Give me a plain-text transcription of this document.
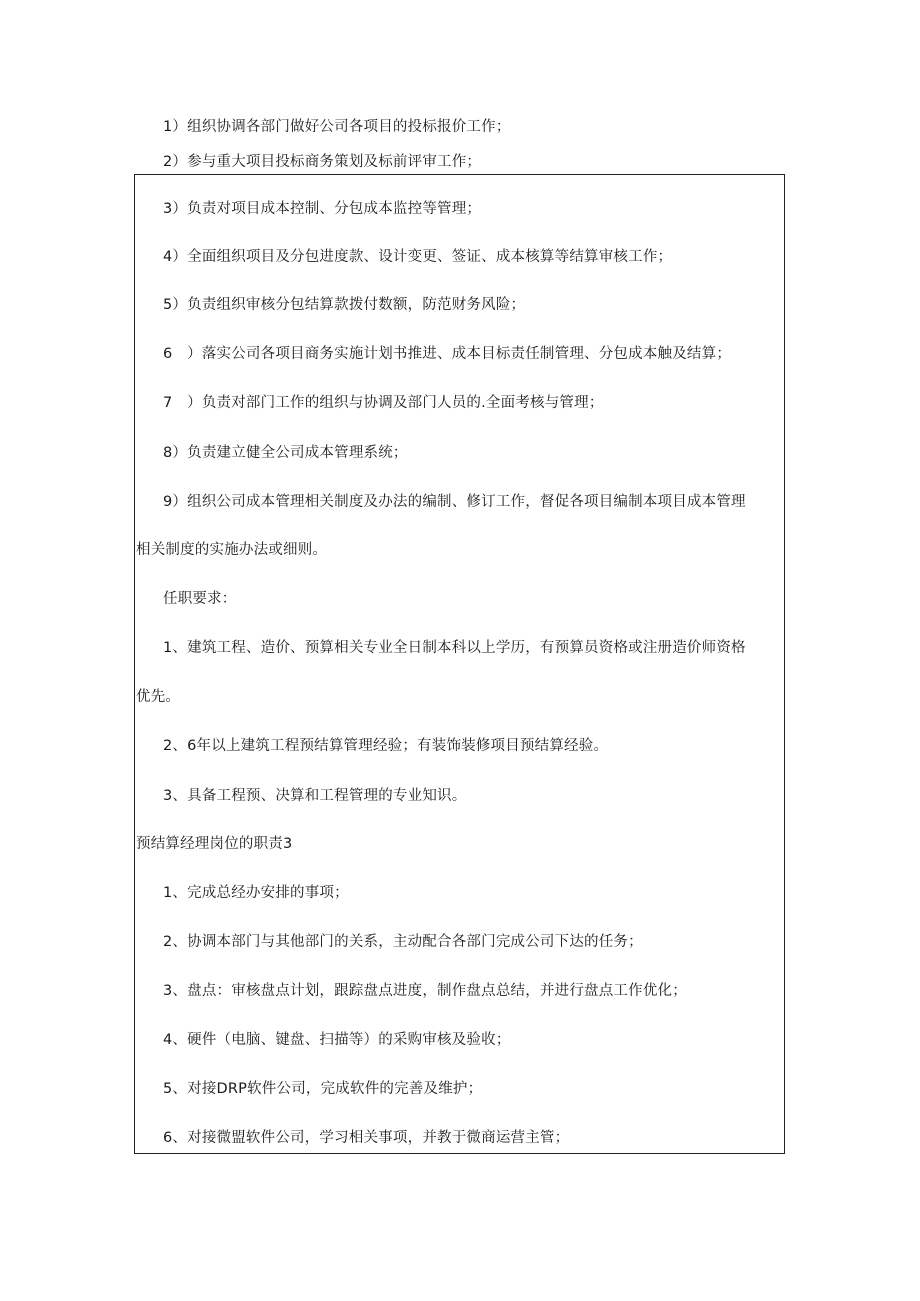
1）组织协调各部门做好公司各项目的投标报价工作；
2）参与重大项目投标商务策划及标前评审工作；
3）负责对项目成本控制、分包成本监控等管理；
4）全面组织项目及分包进度款、设计变更、签证、成本核算等结算审核工作；
5）负责组织审核分包结算款拨付数额，防范财务风险；
6　）落实公司各项目商务实施计划书推进、成本目标责任制管理、分包成本触及结算；
7　）负责对部门工作的组织与协调及部门人员的.全面考核与管理；
8）负责建立健全公司成本管理系统；
9）组织公司成本管理相关制度及办法的编制、修订工作，督促各项目编制本项目成本管理
相关制度的实施办法或细则。
任职要求：
1、建筑工程、造价、预算相关专业全日制本科以上学历，有预算员资格或注册造价师资格
优先。
2、6年以上建筑工程预结算管理经验；有装饰装修项目预结算经验。
3、具备工程预、决算和工程管理的专业知识。
预结算经理岗位的职责3
1、完成总经办安排的事项；
2、协调本部门与其他部门的关系，主动配合各部门完成公司下达的任务；
3、盘点：审核盘点计划，跟踪盘点进度，制作盘点总结，并进行盘点工作优化；
4、硬件（电脑、键盘、扫描等）的采购审核及验收；
5、对接DRP软件公司，完成软件的完善及维护；
6、对接微盟软件公司，学习相关事项，并教于微商运营主管；
